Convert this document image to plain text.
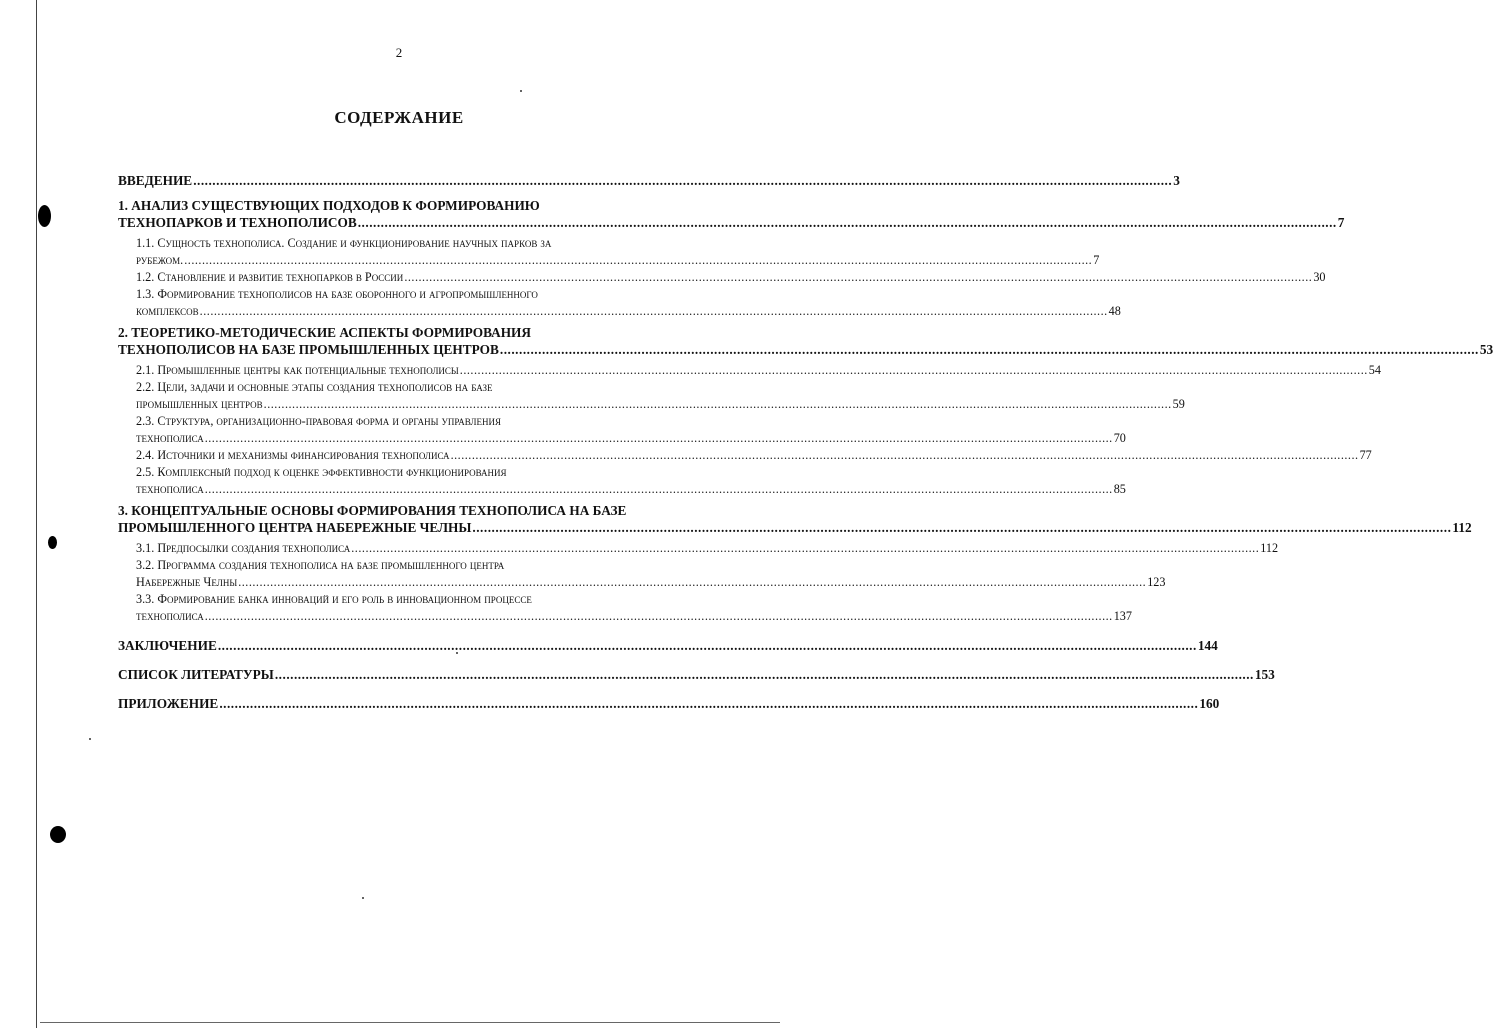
2
СОДЕРЖАНИЕ
ВВЕДЕНИЕ .....	3
1. АНАЛИЗ СУЩЕСТВУЮЩИХ ПОДХОДОВ К ФОРМИРОВАНИЮ
ТЕХНОПАРКОВ И ТЕХНОПОЛИСОВ .....	7
1.1. Сущность технополиса. Создание и функционирование научных парков за
рубежом. .....	7
1.2. Становление и развитие технопарков в России .....	30
1.3. Формирование технополисов на базе оборонного и агропромышленного
комплексов .....	48
2. ТЕОРЕТИКО-МЕТОДИЧЕСКИЕ АСПЕКТЫ ФОРМИРОВАНИЯ
ТЕХНОПОЛИСОВ НА БАЗЕ ПРОМЫШЛЕННЫХ ЦЕНТРОВ .....	53
2.1. Промышленные центры как потенциальные технополисы .....	54
2.2. Цели, задачи и основные этапы создания технополисов на базе
промышленных центров .....	59
2.3. Структура, организационно-правовая форма и органы управления
технополиса .....	70
2.4. Источники и механизмы финансирования технополиса .....	77
2.5. Комплексный подход к оценке эффективности функционирования
технополиса .....	85
3. КОНЦЕПТУАЛЬНЫЕ ОСНОВЫ ФОРМИРОВАНИЯ ТЕХНОПОЛИСА НА БАЗЕ
ПРОМЫШЛЕННОГО ЦЕНТРА НАБЕРЕЖНЫЕ ЧЕЛНЫ .....	112
3.1. Предпосылки создания технополиса .....	112
3.2. Программа создания технополиса на базе промышленного центра
Набережные Челны .....	123
3.3. Формирование банка инноваций и его роль в инновационном процессе
технополиса .....	137
ЗАКЛЮЧЕНИЕ .....	144
СПИСОК ЛИТЕРАТУРЫ .....	153
ПРИЛОЖЕНИЕ .....	160
